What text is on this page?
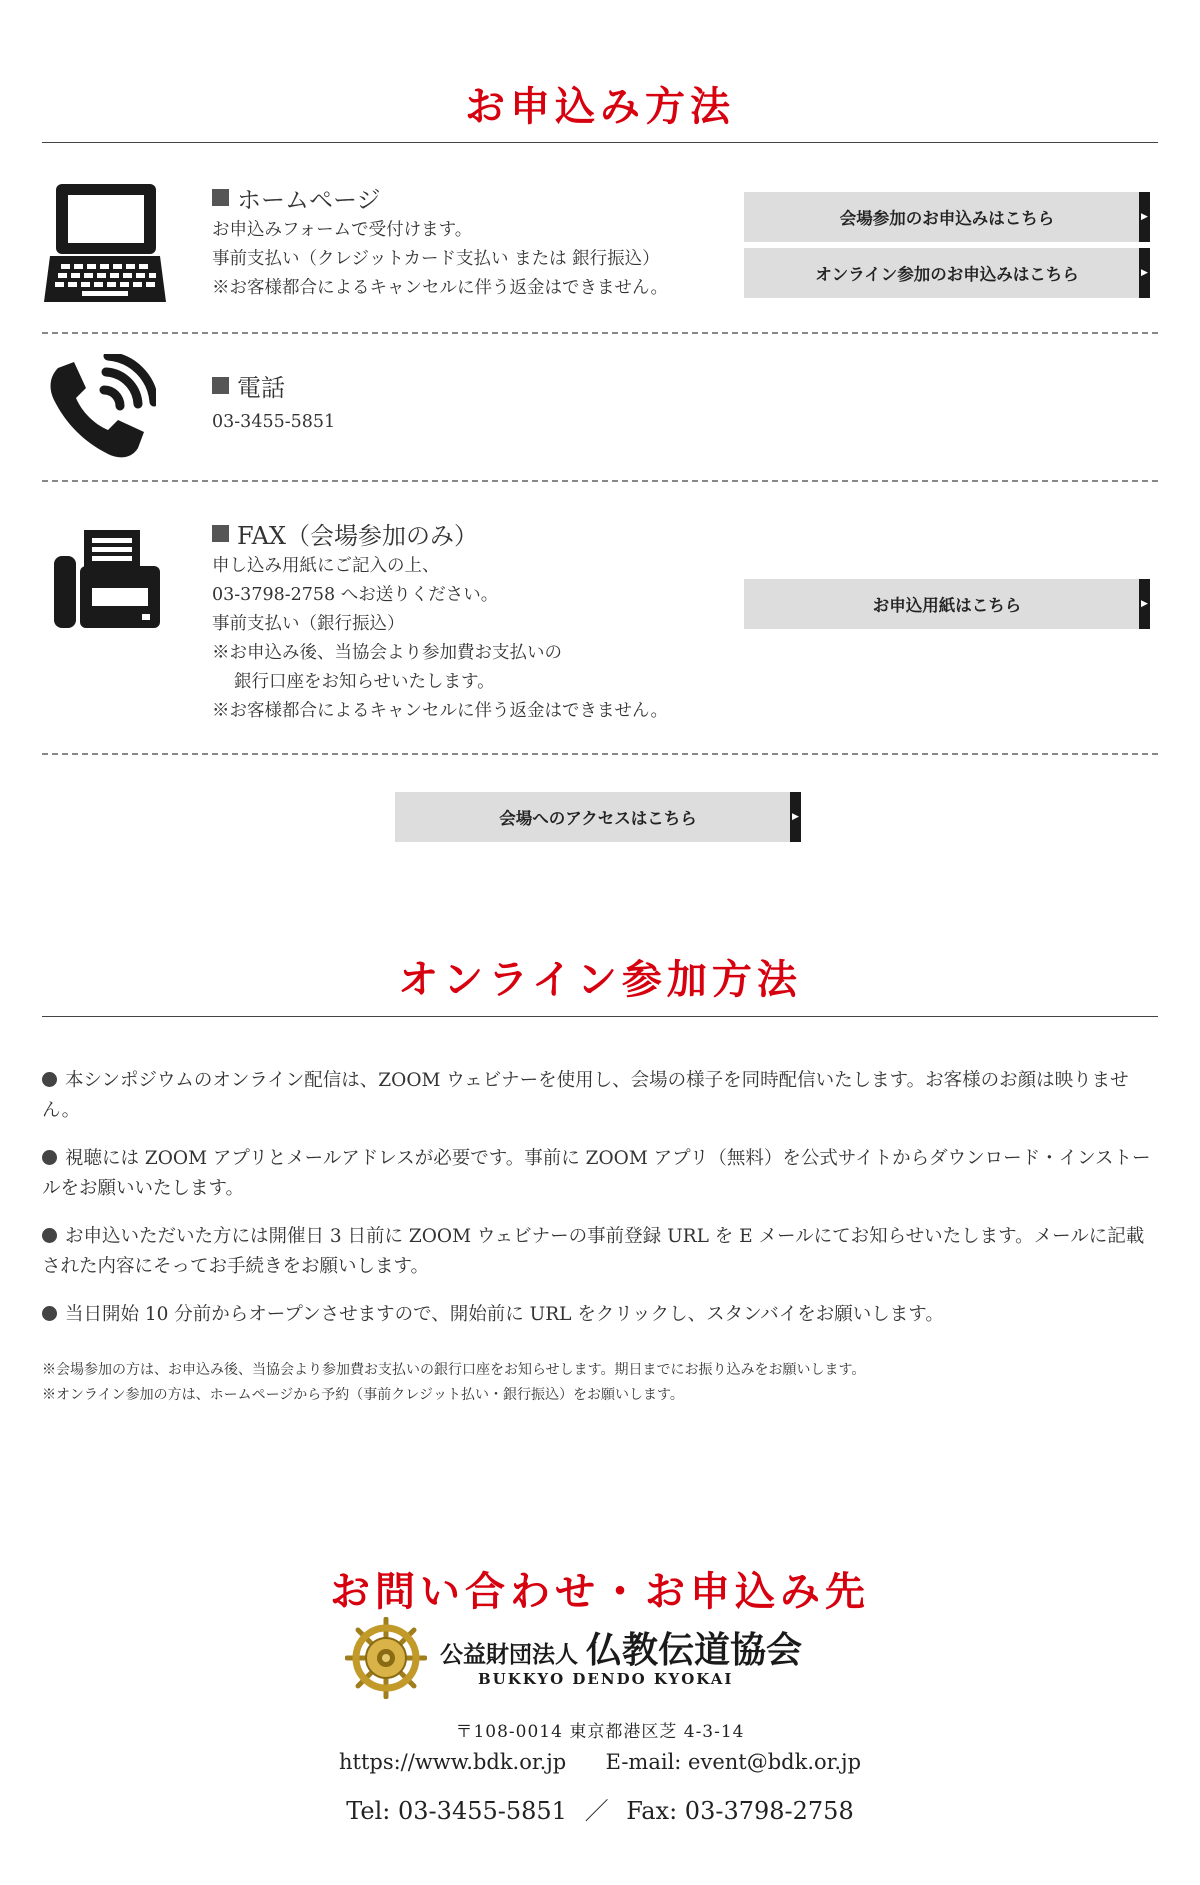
お申込み方法
ホームページ
お申込みフォームで受付けます。
事前支払い（クレジットカード支払い または 銀行振込）
※お客様都合によるキャンセルに伴う返金はできません。
会場参加のお申込みはこちら	▶
オンライン参加のお申込みはこちら	▶
電話
03-3455-5851
FAX（会場参加のみ）
申し込み用紙にご記入の上、
03-3798-2758 へお送りください。
事前支払い（銀行振込）
※お申込み後、当協会より参加費お支払いの
銀行口座をお知らせいたします。
※お客様都合によるキャンセルに伴う返金はできません。
お申込用紙はこちら	▶
会場へのアクセスはこちら	▶
オンライン参加方法
本シンポジウムのオンライン配信は、ZOOM ウェビナーを使用し、会場の様子を同時配信いたします。お客様のお顔は映りません。
視聴には ZOOM アプリとメールアドレスが必要です。事前に ZOOM アプリ（無料）を公式サイトからダウンロード・インストールをお願いいたします。
お申込いただいた方には開催日 3 日前に ZOOM ウェビナーの事前登録 URL を E メールにてお知らせいたします。メールに記載された内容にそってお手続きをお願いします。
当日開始 10 分前からオープンさせますので、開始前に URL をクリックし、スタンバイをお願いします。
※会場参加の方は、お申込み後、当協会より参加費お支払いの銀行口座をお知らせします。期日までにお振り込みをお願いします。
※オンライン参加の方は、ホームページから予約（事前クレジット払い・銀行振込）をお願いします。
お問い合わせ・お申込み先
公益財団法人 仏教伝道協会
BUKKYO DENDO KYOKAI
〒108-0014 東京都港区芝 4-3-14
https://www.bdk.or.jp E-mail: event@bdk.or.jp
Tel: 03-3455-5851 ／ Fax: 03-3798-2758
